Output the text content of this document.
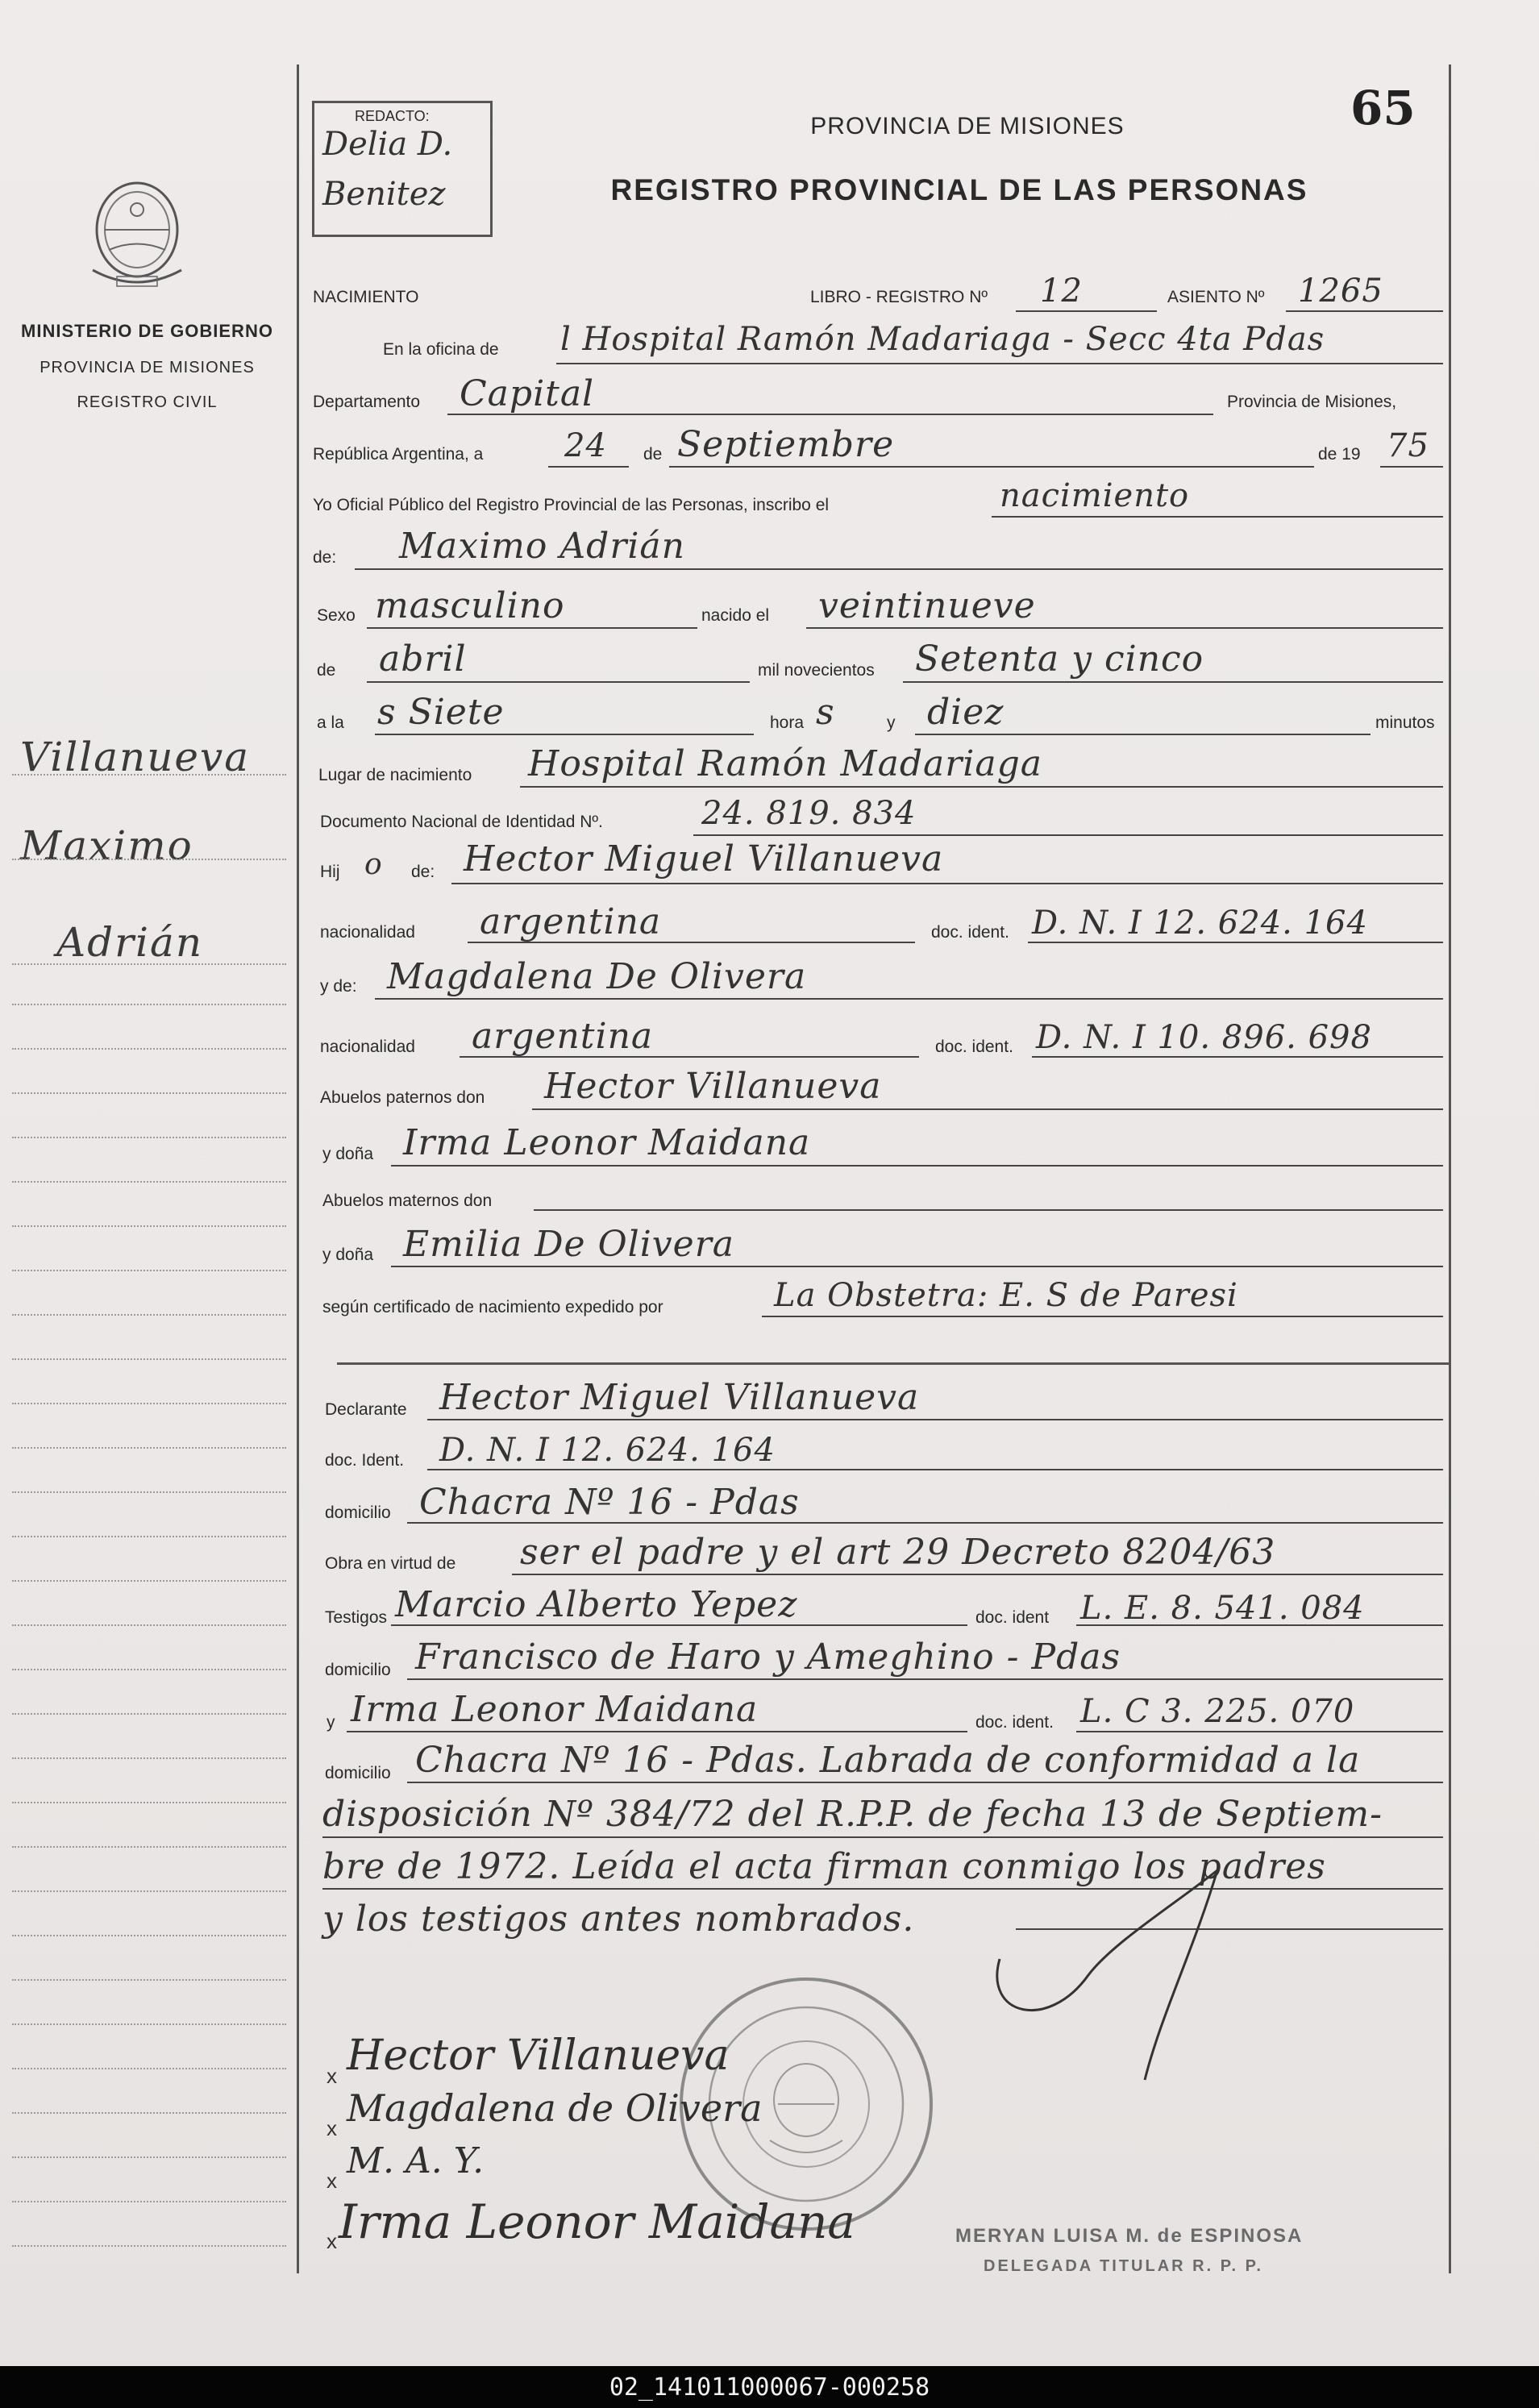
MINISTERIO DE GOBIERNO
PROVINCIA DE MISIONES
REGISTRO CIVIL
Villanueva
Maximo
Adrián
REDACTO:
Delia D.
Benitez
PROVINCIA DE MISIONES
REGISTRO PROVINCIAL DE LAS PERSONAS
65
NACIMIENTO	LIBRO - REGISTRO Nº 12	ASIENTO Nº 1265
En la oficina de l Hospital Ramón Madariaga - Secc 4ta Pdas
Departamento Capital	Provincia de Misiones,
República Argentina, a	24 de Septiembre	de 19 75
Yo Oficial Público del Registro Provincial de las Personas, inscribo el	nacimiento
de: Maximo Adrián
Sexo masculino	nacido el veintinueve
de abril	mil novecientos Setenta y cinco
a la s Siete	hora s	y diez	minutos
Lugar de nacimiento Hospital Ramón Madariaga
Documento Nacional de Identidad Nº.	24. 819. 834
Hij o de: Hector Miguel Villanueva
nacionalidad argentina	doc. ident. D. N. I 12. 624. 164
y de: Magdalena De Olivera
nacionalidad argentina	doc. ident. D. N. I 10. 896. 698
Abuelos paternos don Hector Villanueva
y doña Irma Leonor Maidana
Abuelos maternos don
y doña Emilia De Olivera
según certificado de nacimiento expedido por	La Obstetra: E. S de Paresi
Declarante Hector Miguel Villanueva
doc. Ident. D. N. I 12. 624. 164
domicilio Chacra Nº 16 - Pdas
Obra en virtud de ser el padre y el art 29 Decreto 8204/63
Testigos Marcio Alberto Yepez	doc. ident L. E. 8. 541. 084
domicilio Francisco de Haro y Ameghino - Pdas
y Irma Leonor Maidana	doc. ident. L. C 3. 225. 070
domicilio Chacra Nº 16 - Pdas. Labrada de conformidad a la
disposición Nº 384/72 del R.P.P. de fecha 13 de Septiem-
bre de 1972. Leída el acta firman conmigo los padres
y los testigos antes nombrados.
x Hector Villanueva
x Magdalena de Olivera
x M. A. Y.
x Irma Leonor Maidana	MERYAN LUISA M. de ESPINOSA
DELEGADA TITULAR R. P. P.
02_141011000067-000258
